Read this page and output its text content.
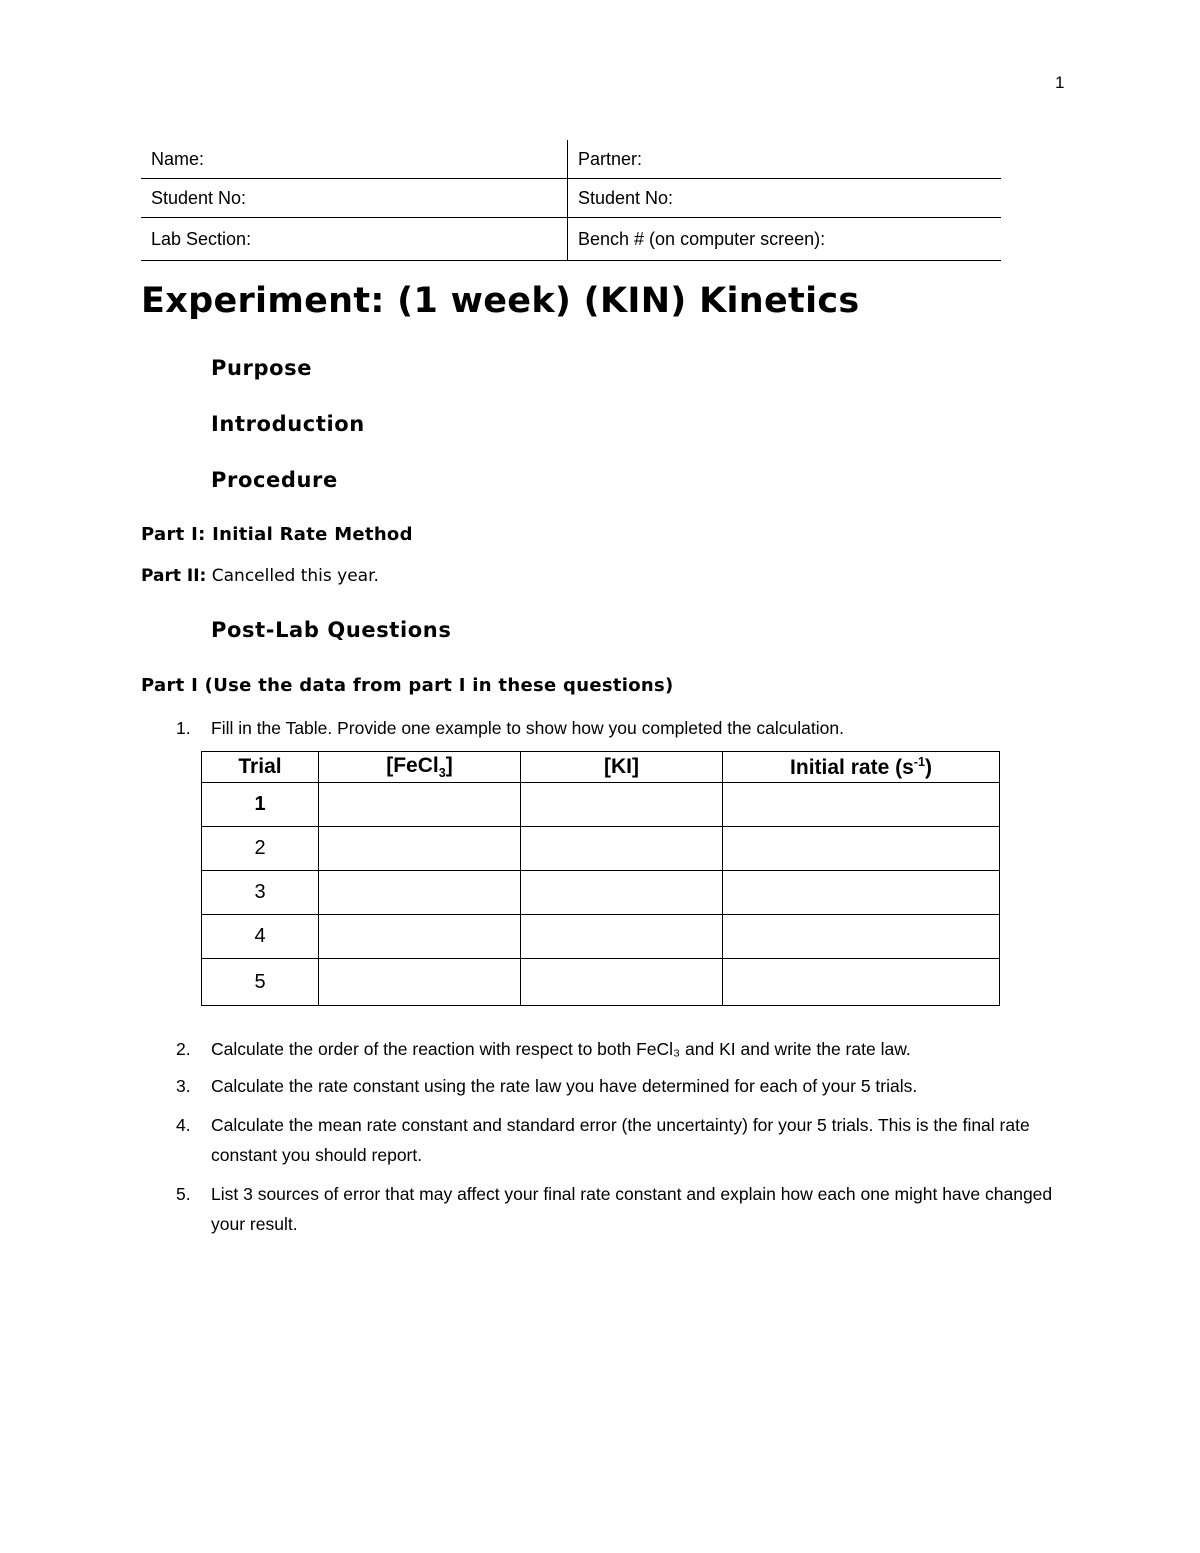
1
Name:	Partner:
Student No:	Student No:
Lab Section:	Bench # (on computer screen):
Experiment: (1 week) (KIN) Kinetics
Purpose
Introduction
Procedure
Part I: Initial Rate Method

Part II: Cancelled this year.

Post-Lab Questions
Part I (Use the data from part I in these questions)
1.	Fill in the Table. Provide one example to show how you completed the calculation.
Trial	[FeCl$_3$]	[KI]	Initial rate $(s^{-1})$
1			
2			
3			
4			
5			
2.	Calculate the order of the reaction with respect to both FeCl₃ and KI and write the rate law.
3.	Calculate the rate constant using the rate law you have determined for each of your 5 trials.
4.	Calculate the mean rate constant and standard error (the uncertainty) for your 5 trials. This is the final rate constant you should report.
5.	List 3 sources of error that may affect your final rate constant and explain how each one might have changed your result.
